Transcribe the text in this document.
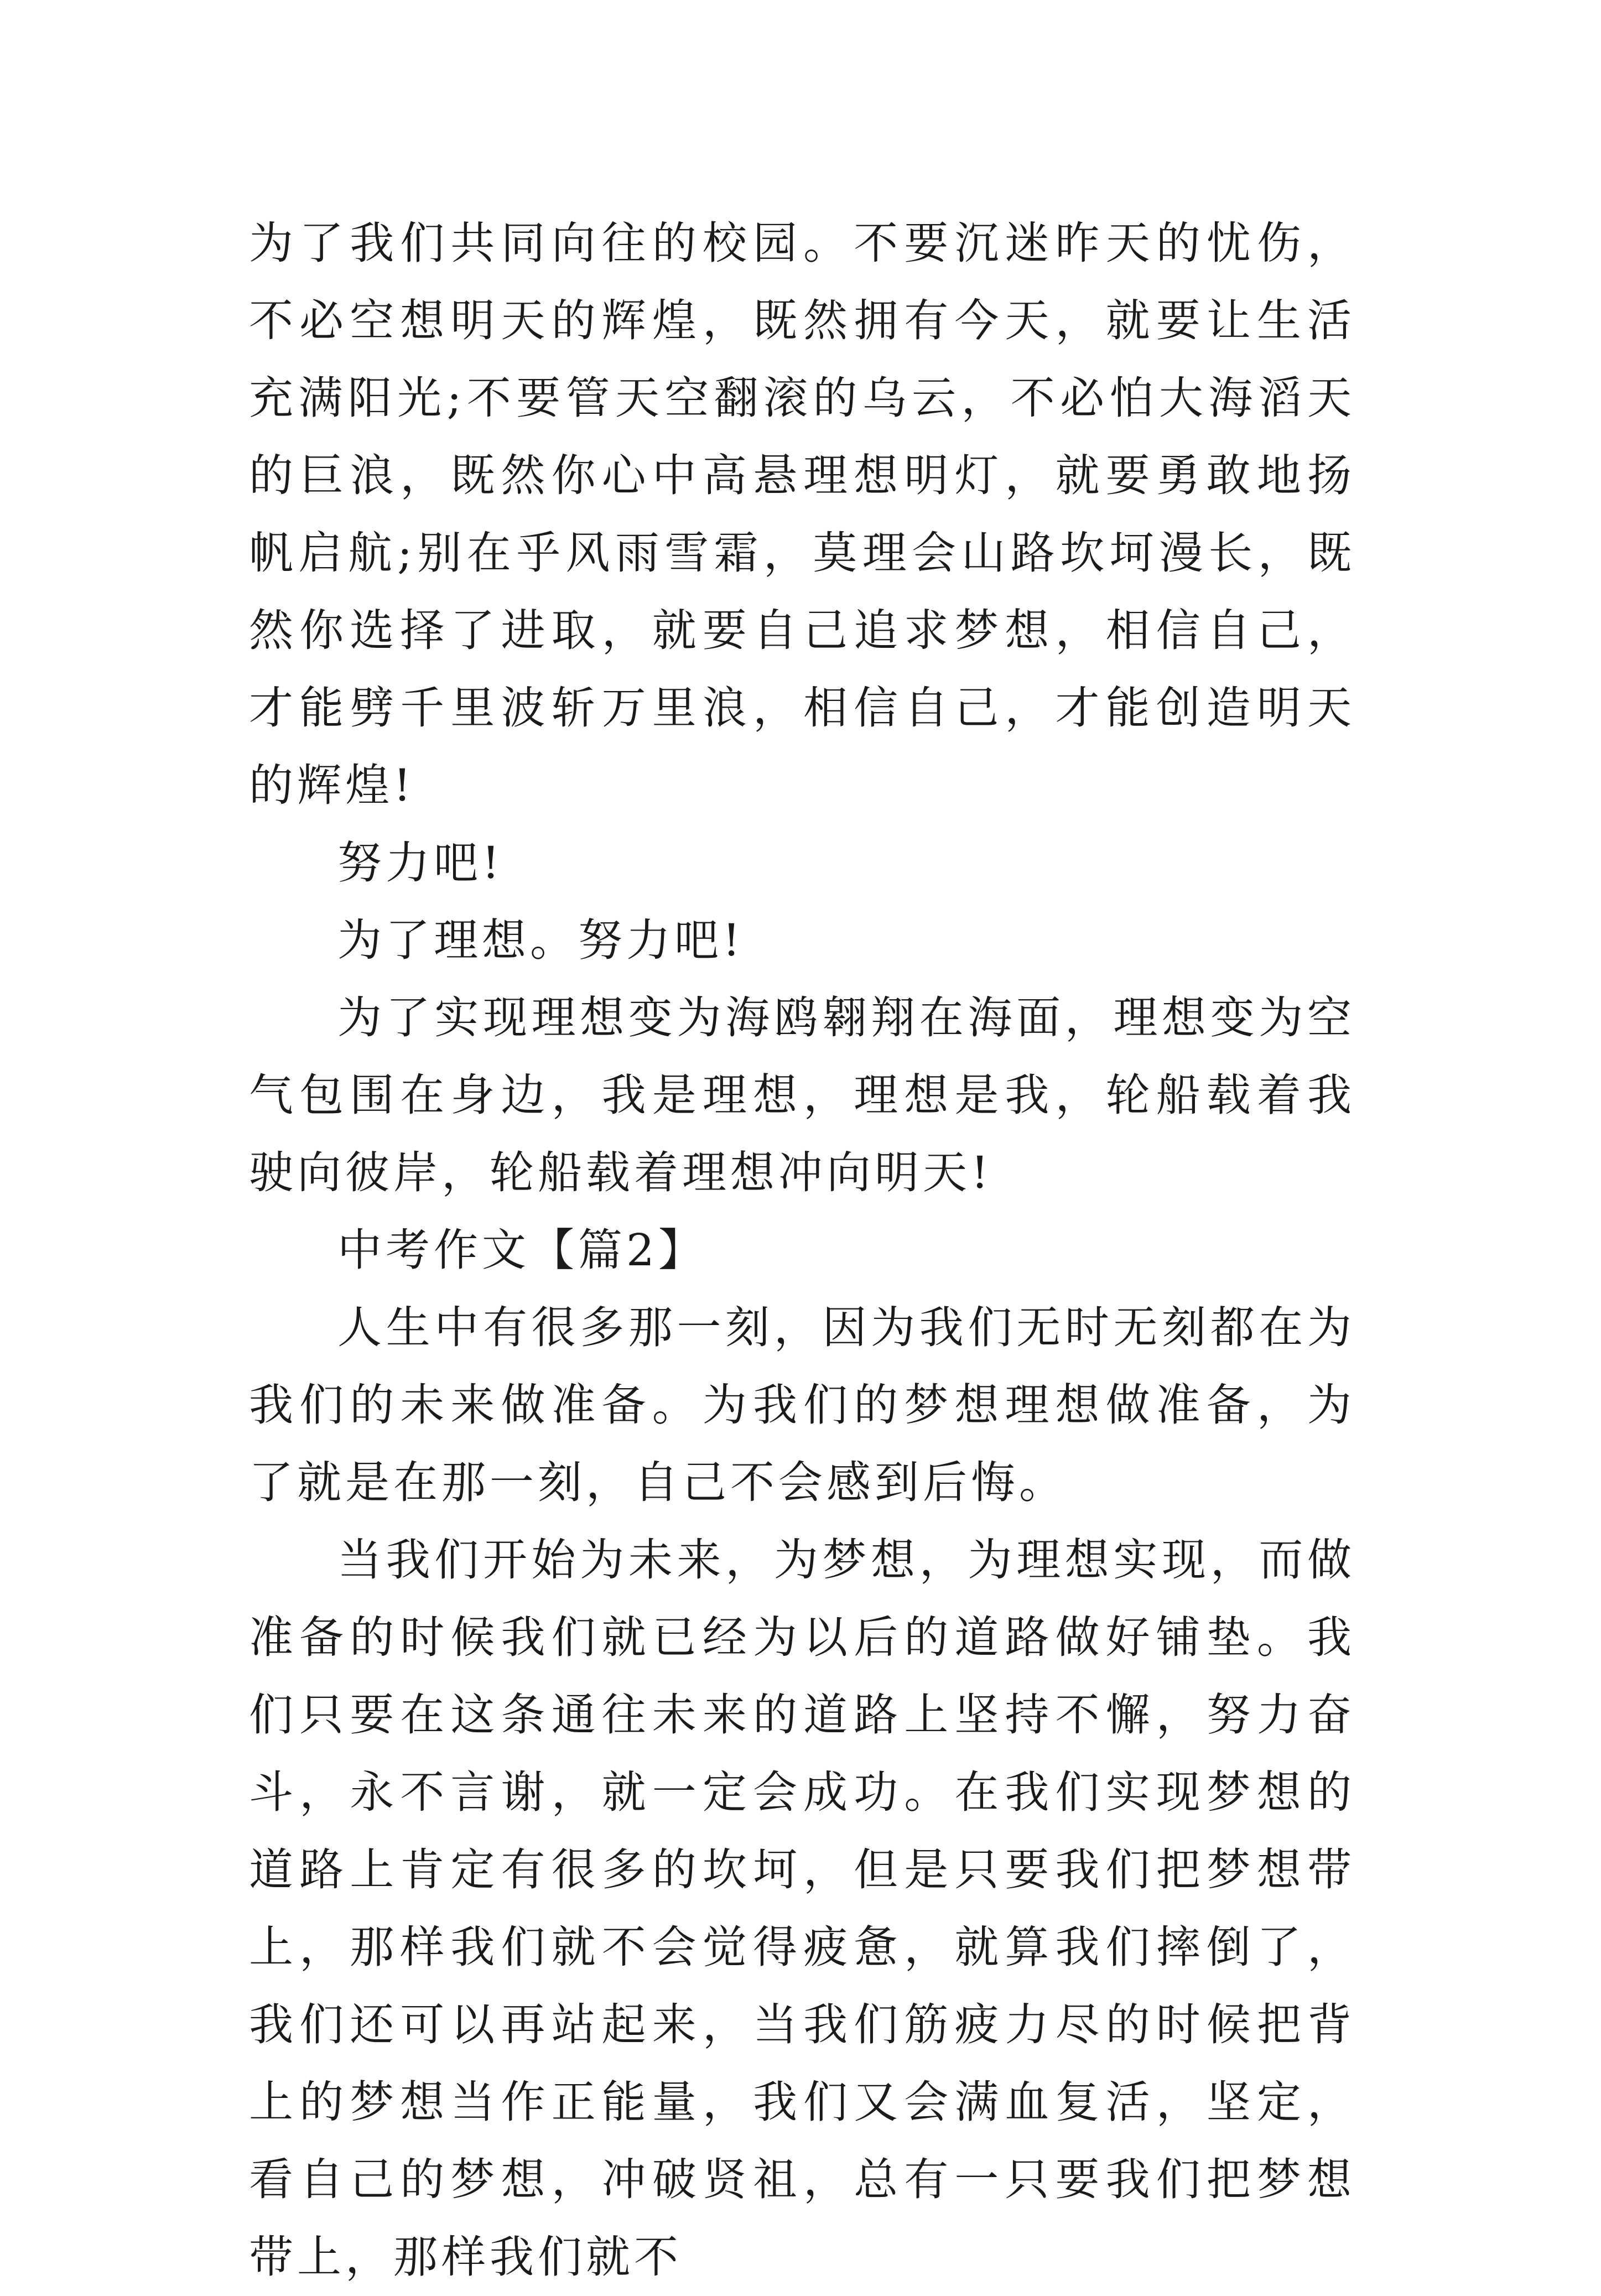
为了我们共同向往的校园。不要沉迷昨天的忧伤，不必空想明天的辉煌，既然拥有今天，就要让生活充满阳光;不要管天空翻滚的乌云，不必怕大海滔天的巨浪，既然你心中高悬理想明灯，就要勇敢地扬帆启航;别在乎风雨雪霜，莫理会山路坎坷漫长，既然你选择了进取，就要自己追求梦想，相信自己，才能劈千里波斩万里浪，相信自己，才能创造明天的辉煌!

努力吧!

为了理想。努力吧!

为了实现理想变为海鸥翱翔在海面，理想变为空气包围在身边，我是理想，理想是我，轮船载着我驶向彼岸，轮船载着理想冲向明天!

中考作文【篇2】

人生中有很多那一刻，因为我们无时无刻都在为我们的未来做准备。为我们的梦想理想做准备，为了就是在那一刻，自己不会感到后悔。

当我们开始为未来，为梦想，为理想实现，而做准备的时候我们就已经为以后的道路做好铺垫。我们只要在这条通往未来的道路上坚持不懈，努力奋斗，永不言谢，就一定会成功。在我们实现梦想的道路上肯定有很多的坎坷，但是只要我们把梦想带上，那样我们就不会觉得疲惫，就算我们摔倒了，我们还可以再站起来，当我们筋疲力尽的时候把背上的梦想当作正能量，我们又会满血复活，坚定，看自己的梦想，冲破贤祖，总有一只要我们把梦想带上，那样我们就不
